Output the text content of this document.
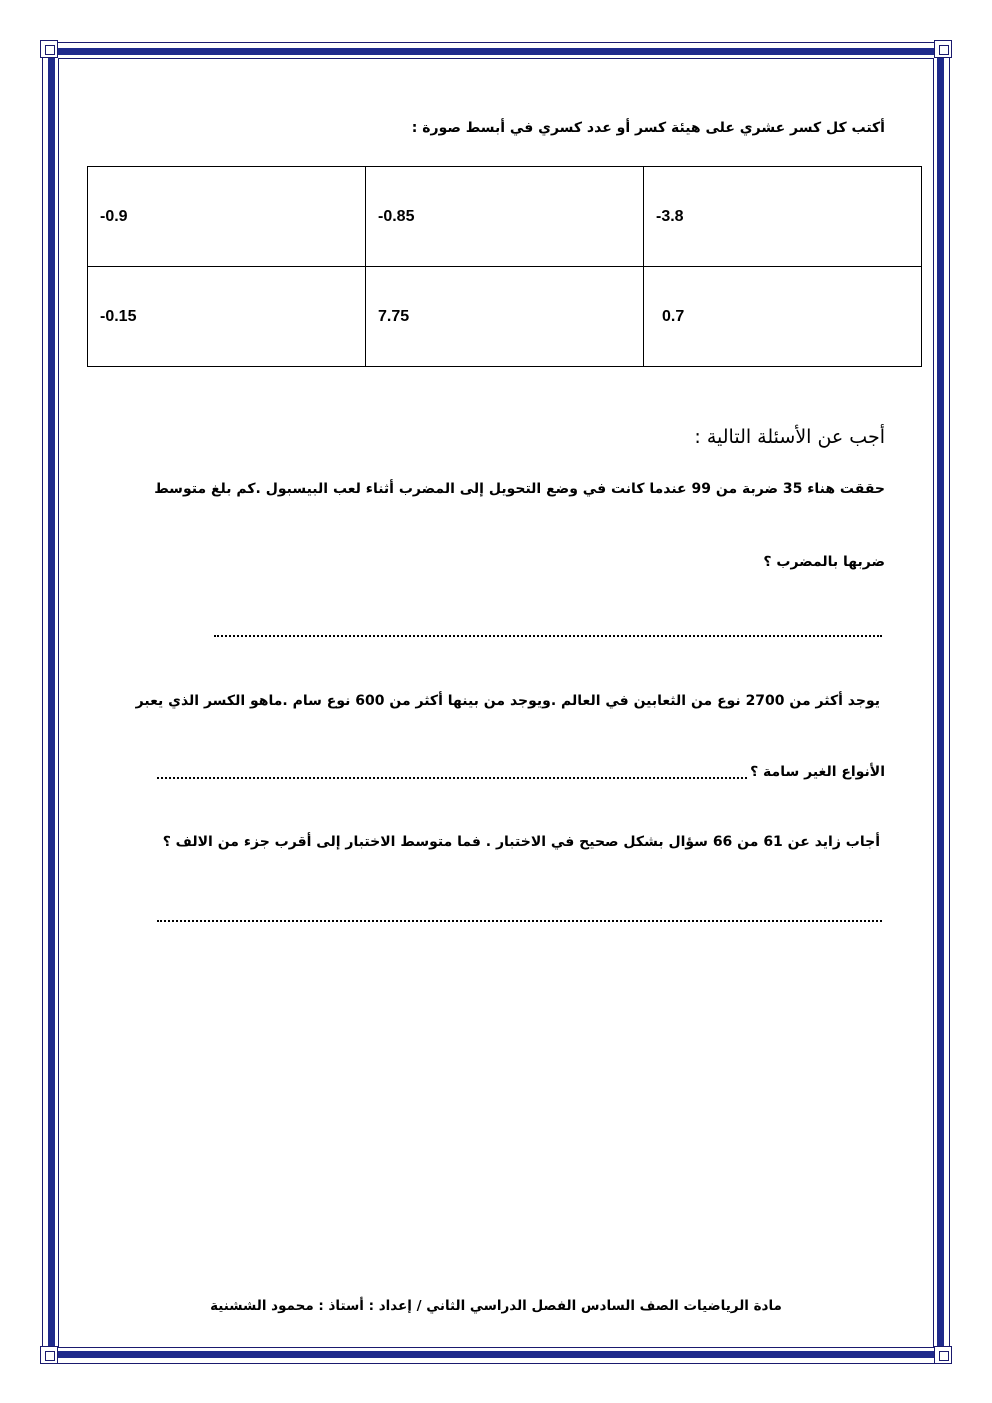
أكتب كل كسر عشري على هيئة كسر أو عدد كسري في أبسط صورة :
-0.9	-0.85	-3.8
-0.15	7.75	0.7
أجب عن الأسئلة التالية :
حققت هناء 35 ضربة من 99 عندما كانت في وضع التحويل إلى المضرب أثناء لعب البيسبول .كم بلغ متوسط
ضربها بالمضرب ؟
يوجد أكثر من 2700 نوع من الثعابين في العالم .ويوجد من بينها أكثر من 600 نوع سام .ماهو الكسر الذي يعبر
الأنواع الغير سامة ؟
أجاب زايد عن 61 من 66 سؤال بشكل صحيح في الاختبار . فما متوسط الاختبار إلى أقرب جزء من الالف ؟
مادة الرياضيات الصف السادس الفصل الدراسي الثاني / إعداد : أستاذ : محمود الششنية
